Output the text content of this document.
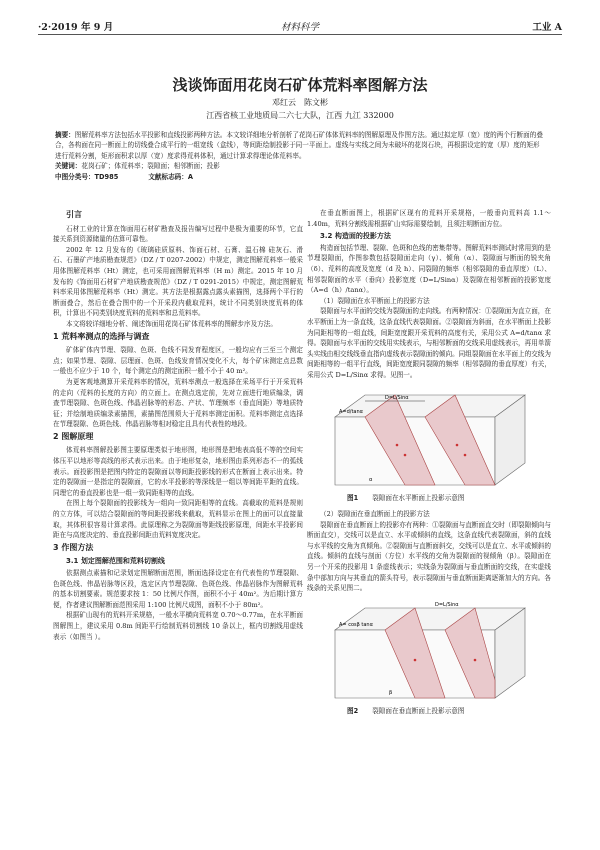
·2·2019 年 9 月	材料科学	工业 A
浅谈饰面用花岗石矿体荒料率图解方法
邓红云　陈文彬
江西省核工业地质局二六七大队，江西 九江 332000

摘要：图解荒料率方法包括水平投影和直线投影两种方法。本文较详细地分析剖析了花岗石矿体体荒料率的图解原理及作图方法。通过拟定厚（宽）度的两个行断面的叠合，各构面在同一断面上的切线叠合成平行的一组宽线（盒线），等间距绘制投影于同一平面上。虚线与实线之间为未破坏的花岗石块，再根据设定的宽（厚）度的矩形进行荒料分割，矩形面积求以厚（宽）度求得荒料体积，通过计算求得理论体荒料率。

关键词：花岗石矿；体荒料率；裂隙面；相邻断面；投影

中图分类号：TD985	文献标志码：A
引言

石材工业的计算在饰面用石材矿勘查及报告编写过程中是极为重要的环节，它直接关系到资源储量的估算可靠性。

2002 年 12 月发布的《玻璃硅质原料、饰面石材、石膏、温石棉 硅灰石、滑石、石墨矿产地质勘查规范》（DZ / T 0207-2002）中规定，测定图解荒料率一般采用体图解荒料率（Ht）测定，也可采用面图解荒料率（H m）测定。2015 年 10 月发布的《饰面用石材矿产地质勘查规范》（DZ / T 0291-2015）中规定，测定图解荒料率采用体图解荒料率（Ht）测定。其方法是根据露点露头素描图，选择两个平行的断面叠合，然后在叠合图中的一个开采段内截取荒料，统计不同类别块度荒料的体积，计算出不同类别块度荒料的荒料率和总荒料率。

本文将较详细地分析、阐述饰面用花岗石矿体荒料率的图解步序及方法。

1 荒料率测点的选择与调查

矿体矿体内节理、裂隙、色斑、色线不同发育程度区，一般均应有三至三个测定点；如果节理、裂隙、层理面、色斑、色线发育情况变化不大，每个矿床测定点总数一般也不应少于 10 个，每个测定点的测定面积一般不小于 40 m²。

为更客观地测算开采荒料率的情况，荒料率测点一般选择在采场平行于开采荒料的走向（荒料的长度的方向）的立面上。在测点选定前，先对立面进行地质编录，调查节理裂隙、色斑色线、伟晶岩脉等的形态、产状、节理频率（垂直间距）等地质特征；并绘制地质编录素描图，素描图范围须大于荒料率测定面积。荒料率测定点选择在节理裂隙、色斑色线、伟晶岩脉等相对稳定且具有代表性的地段。

2 图解原理

体荒料率图解投影图主要原理类似于地形图，地形图是把地表高低不等的空间实体压平以地形等高线的形式表示出来。由于地形复杂，地形图由系列形态不一的弧线表示。面投影图是把图内特定的裂隙面以等间距投影线的形式在断面上表示出来。特定的裂隙面一是指定的裂隙面，它的水平投影的等深线是一组以等间距平距的直线。同理它的垂直投影也是一组一致同距相等的直线。

在图上每个裂隙面的投影线为一组向一致同距相等的直线。高截取的荒料是规则的立方体，可以结合裂隙面的等间距投影线来截取，荒料显示在图上的面可以直接量取，其体积很容易计算求得。此原理称之为裂隙面等距线投影原理，间距水平投影间距在与高度决定的、垂直投影间距由荒料宽度决定。

3 作图方法
3.1 划定图解范围和荒料切割线

依据测点素描和记录划定图解断面范围，断面选择设定在有代表性的节理裂隙、色斑色线、伟晶岩脉等区段，选定区内节理裂隙、色斑色线、伟晶岩脉作为图解荒料的基本切割要素。规范要求按 1：50 比例尺作图，面积不小于 40m²。为后期计算方便，作者建议图解断面范围采用 1:100 比例尺成图，面积不小于 80m²。

根据矿山现有的荒料开采规格，一般水平横向荒料宽 0.70～0.77m，在水平断面图解图上，建议采用 0.8m 间距平行绘制荒料切割线 10 条以上，框内切割线用虚线表示（如图当 ）。

在垂直断面图上，根据矿区现有的荒料开采规格，一般垂向荒料高 1.1～1.40m，荒料分割线需根据矿山实际需要绘制，且须注明断面方位。

3.2 构造面的投影方法

构造面包括节理、裂隙、色斑和色线的密集带等。图解荒料率测试时常用到的是节理裂隙面，作图参数包括裂隙面走向（γ）、倾角（α）、裂隙面与断面的锐夹角（δ）、荒料的高度及宽度（d 及 h）、同裂隙的频率（相邻裂隙的垂直厚度）（L）、相邻裂隙面的水平（垂向）投影宽度（D=L/Sinα）及裂隙在相邻断面的投影宽度（A=d（h）/tanα）。

（1）裂隙面在水平断面上的投影方法

裂隙面与水平面的交线为裂隙面的走向线。有两种情况：①裂隙面为直立面，在水平断面上为一条直线，这条直线代表裂隙面。②裂隙面为斜面，在水平断面上投影为同距相等的一组直线，间距宽度跟开采荒料的高度有关，采用公式 A=d/tanα 求得。裂隙面与水平面的交线用实线表示，与相邻断面的交线采用虚线表示，再用单箭头实线由相交线线垂直指向虚线表示裂隙面的倾向。同组裂隙面在水平面上的交线为间距相等的一组平行直线，间距宽度跟同裂隙的频率（相邻裂隙的垂直厚度）有关，采用公式 D=L/Sinα 求得。见图一。

D=L/Sinα
A=d/tanα
α
图1 裂隙面在水平断面上投影示意图

（2）裂隙面在垂直断面上的投影方法

裂隙面在垂直断面上的投影亦有两种：①裂隙面与直断面直交时（即裂隙倾向与断面直交），交线可以是直立、水平或倾斜的直线，这条直线代表裂隙面，斜的直线与水平线的交角为真倾角。②裂隙面与直断面斜交，交线可以是直立、水平或倾斜的直线。倾斜的直线与剖面（方位）水平线的交角为裂隙面的视倾角（β）。裂隙面在另一个开采的投影用 1 条虚线表示；实线条为裂隙面与垂直断面的交线，在实虚线条中部加方向与其垂直的箭头符号，表示裂隙面与垂直断面距离逐渐加大的方向。各线条的关系见图二。

D=L/Sinα
A= cosβ tanα
β
图2 裂隙面在垂直断面上投影示意图
